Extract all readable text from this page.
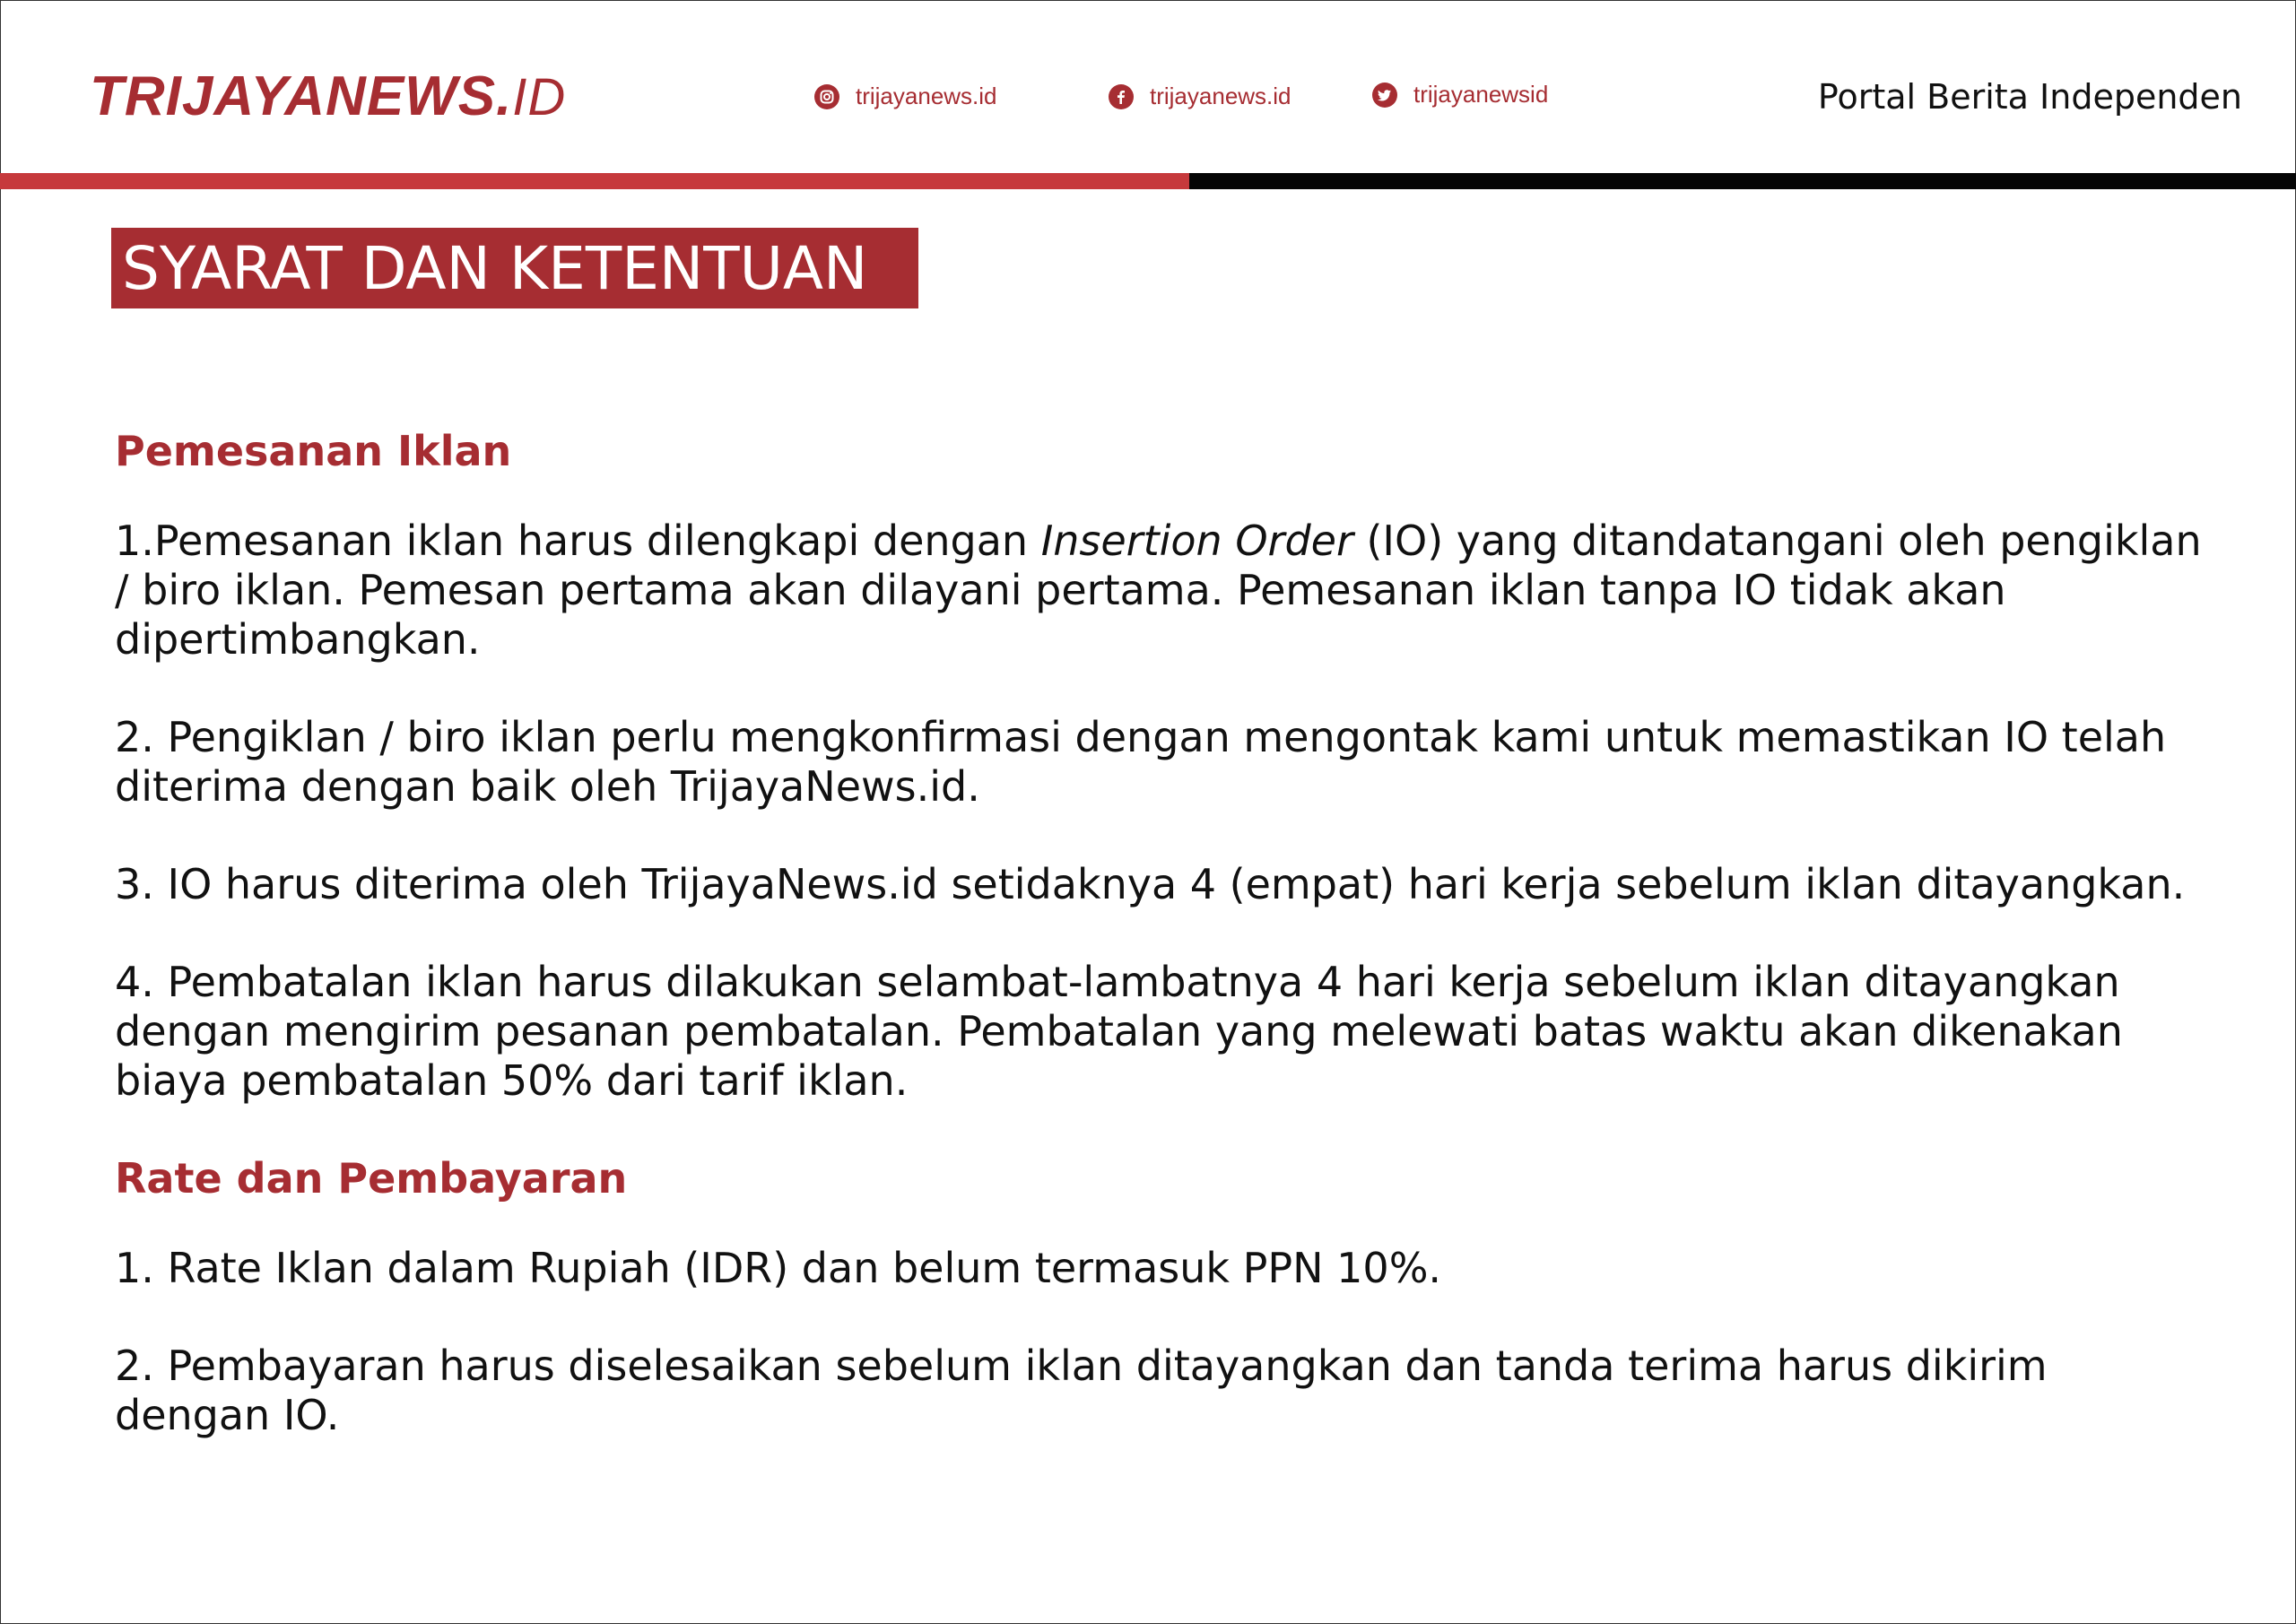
TRIJAYANEWS.ID	trijayanews.id	trijayanews.id	trijayanewsid	Portal Berita Independen
SYARAT DAN KETENTUAN
Pemesanan Iklan

1.Pemesanan iklan harus dilengkapi dengan Insertion Order (IO) yang ditandatangani oleh pengiklan / biro iklan. Pemesan pertama akan dilayani pertama. Pemesanan iklan tanpa IO tidak akan dipertimbangkan.

2. Pengiklan / biro iklan perlu mengkonfirmasi dengan mengontak kami untuk memastikan IO telah diterima dengan baik oleh TrijayaNews.id.

3. IO harus diterima oleh TrijayaNews.id setidaknya 4 (empat) hari kerja sebelum iklan ditayangkan.

4. Pembatalan iklan harus dilakukan selambat-lambatnya 4 hari kerja sebelum iklan ditayangkan dengan mengirim pesanan pembatalan. Pembatalan yang melewati batas waktu akan dikenakan biaya pembatalan 50% dari tarif iklan.

Rate dan Pembayaran

1. Rate Iklan dalam Rupiah (IDR) dan belum termasuk PPN 10%.

2. Pembayaran harus diselesaikan sebelum iklan ditayangkan dan tanda terima harus dikirim dengan IO.
